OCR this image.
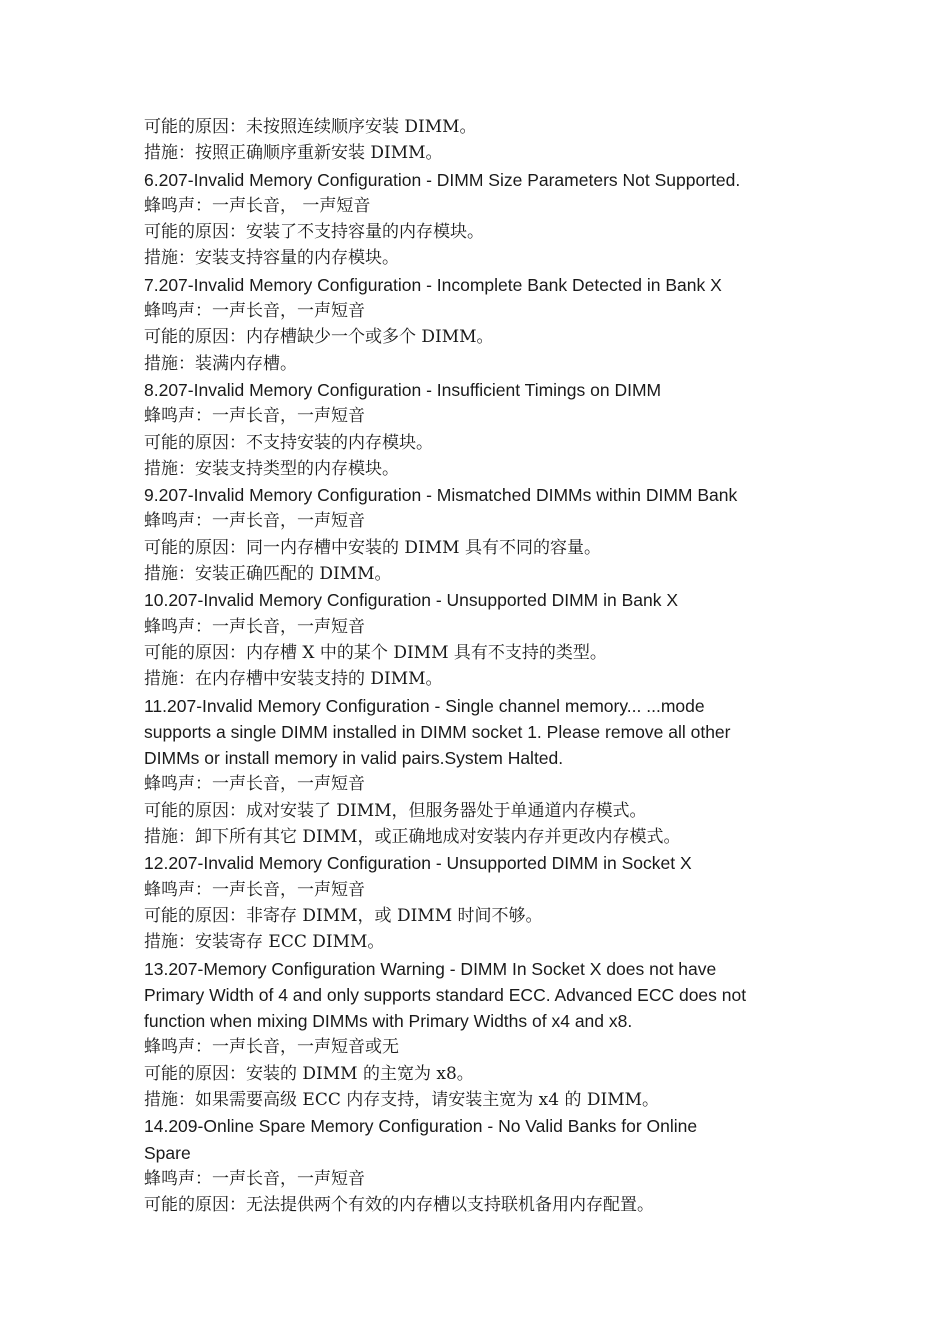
可能的原因：未按照连续顺序安装 DIMM。
措施：按照正确顺序重新安装 DIMM。
6.207-Invalid Memory Configuration - DIMM Size Parameters Not Supported.
蜂鸣声：一声长音， 一声短音
可能的原因：安装了不支持容量的内存模块。
措施：安装支持容量的内存模块。
7.207-Invalid Memory Configuration - Incomplete Bank Detected in Bank X
蜂鸣声：一声长音，一声短音
可能的原因：内存槽缺少一个或多个 DIMM。
措施：装满内存槽。
8.207-Invalid Memory Configuration - Insufficient Timings on DIMM
蜂鸣声：一声长音，一声短音
可能的原因：不支持安装的内存模块。
措施：安装支持类型的内存模块。
9.207-Invalid Memory Configuration - Mismatched DIMMs within DIMM Bank
蜂鸣声：一声长音，一声短音
可能的原因：同一内存槽中安装的 DIMM 具有不同的容量。
措施：安装正确匹配的 DIMM。
10.207-Invalid Memory Configuration - Unsupported DIMM in Bank X
蜂鸣声：一声长音，一声短音
可能的原因：内存槽 X 中的某个 DIMM 具有不支持的类型。
措施：在内存槽中安装支持的 DIMM。
11.207-Invalid Memory Configuration - Single channel memory... ...mode
supports a single DIMM installed in DIMM socket 1. Please remove all other
DIMMs or install memory in valid pairs.System Halted.
蜂鸣声：一声长音，一声短音
可能的原因：成对安装了 DIMM，但服务器处于单通道内存模式。
措施：卸下所有其它 DIMM，或正确地成对安装内存并更改内存模式。
12.207-Invalid Memory Configuration - Unsupported DIMM in Socket X
蜂鸣声：一声长音，一声短音
可能的原因：非寄存 DIMM，或 DIMM 时间不够。
措施：安装寄存 ECC DIMM。
13.207-Memory Configuration Warning - DIMM In Socket X does not have
Primary Width of 4 and only supports standard ECC. Advanced ECC does not
function when mixing DIMMs with Primary Widths of x4 and x8.
蜂鸣声：一声长音，一声短音或无
可能的原因：安装的 DIMM 的主宽为 x8。
措施：如果需要高级 ECC 内存支持，请安装主宽为 x4 的 DIMM。
14.209-Online Spare Memory Configuration - No Valid Banks for Online
Spare
蜂鸣声：一声长音，一声短音
可能的原因：无法提供两个有效的内存槽以支持联机备用内存配置。
